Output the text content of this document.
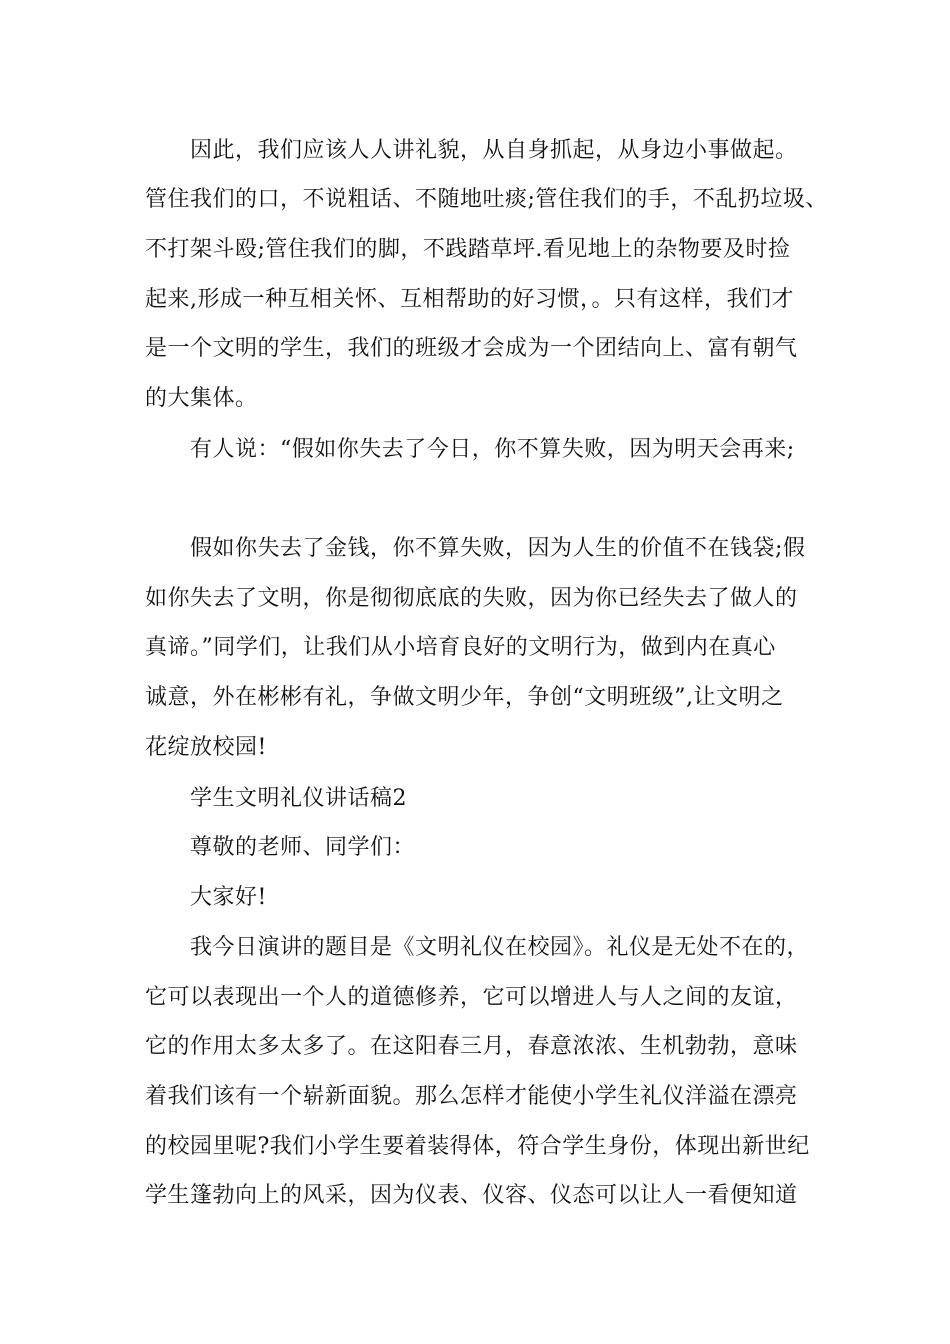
因此，我们应该人人讲礼貌，从自身抓起，从身边小事做起。
管住我们的口，不说粗话、不随地吐痰;管住我们的手，不乱扔垃圾、
不打架斗殴;管住我们的脚，不践踏草坪.看见地上的杂物要及时捡
起来,形成一种互相关怀、互相帮助的好习惯，。只有这样，我们才
是一个文明的学生，我们的班级才会成为一个团结向上、富有朝气
的大集体。
有人说：“假如你失去了今日，你不算失败，因为明天会再来;
假如你失去了金钱，你不算失败，因为人生的价值不在钱袋;假
如你失去了文明，你是彻彻底底的失败，因为你已经失去了做人的
真谛。”同学们，让我们从小培育良好的文明行为，做到内在真心
诚意，外在彬彬有礼，争做文明少年，争创“文明班级”,让文明之
花绽放校园!
学生文明礼仪讲话稿2
尊敬的老师、同学们：
大家好!
我今日演讲的题目是《文明礼仪在校园》。礼仪是无处不在的，
它可以表现出一个人的道德修养，它可以增进人与人之间的友谊，
它的作用太多太多了。在这阳春三月，春意浓浓、生机勃勃，意味
着我们该有一个崭新面貌。那么怎样才能使小学生礼仪洋溢在漂亮
的校园里呢?我们小学生要着装得体，符合学生身份，体现出新世纪
学生篷勃向上的风采，因为仪表、仪容、仪态可以让人一看便知道
